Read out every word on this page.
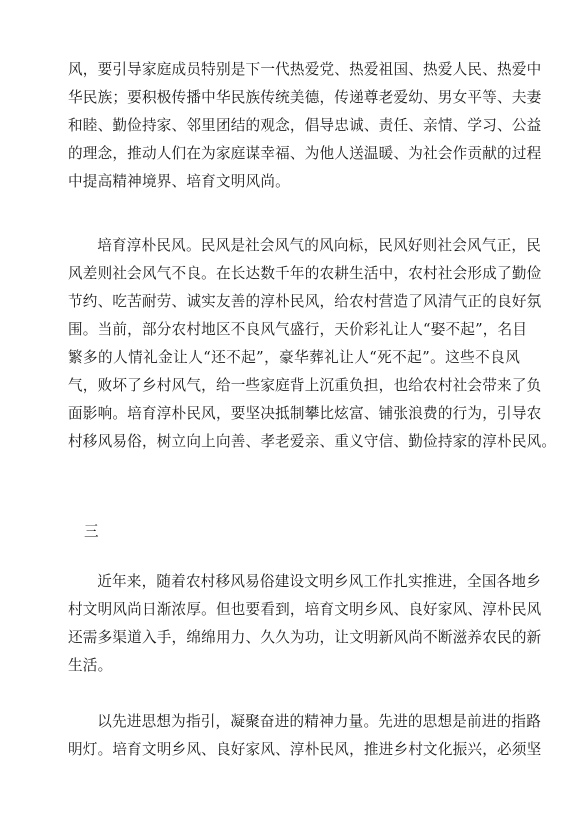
风，要引导家庭成员特别是下一代热爱党、热爱祖国、热爱人民、热爱中
华民族；要积极传播中华民族传统美德，传递尊老爱幼、男女平等、夫妻
和睦、勤俭持家、邻里团结的观念，倡导忠诚、责任、亲情、学习、公益
的理念，推动人们在为家庭谋幸福、为他人送温暖、为社会作贡献的过程
中提高精神境界、培育文明风尚。

培育淳朴民风。民风是社会风气的风向标，民风好则社会风气正，民
风差则社会风气不良。在长达数千年的农耕生活中，农村社会形成了勤俭
节约、吃苦耐劳、诚实友善的淳朴民风，给农村营造了风清气正的良好氛
围。当前，部分农村地区不良风气盛行，天价彩礼让人“娶不起”，名目
繁多的人情礼金让人“还不起”，豪华葬礼让人“死不起”。这些不良风
气，败坏了乡村风气，给一些家庭背上沉重负担，也给农村社会带来了负
面影响。培育淳朴民风，要坚决抵制攀比炫富、铺张浪费的行为，引导农
村移风易俗，树立向上向善、孝老爱亲、重义守信、勤俭持家的淳朴民风。

三

近年来，随着农村移风易俗建设文明乡风工作扎实推进，全国各地乡
村文明风尚日渐浓厚。但也要看到，培育文明乡风、良好家风、淳朴民风
还需多渠道入手，绵绵用力、久久为功，让文明新风尚不断滋养农民的新
生活。

以先进思想为指引，凝聚奋进的精神力量。先进的思想是前进的指路
明灯。培育文明乡风、良好家风、淳朴民风，推进乡村文化振兴，必须坚
